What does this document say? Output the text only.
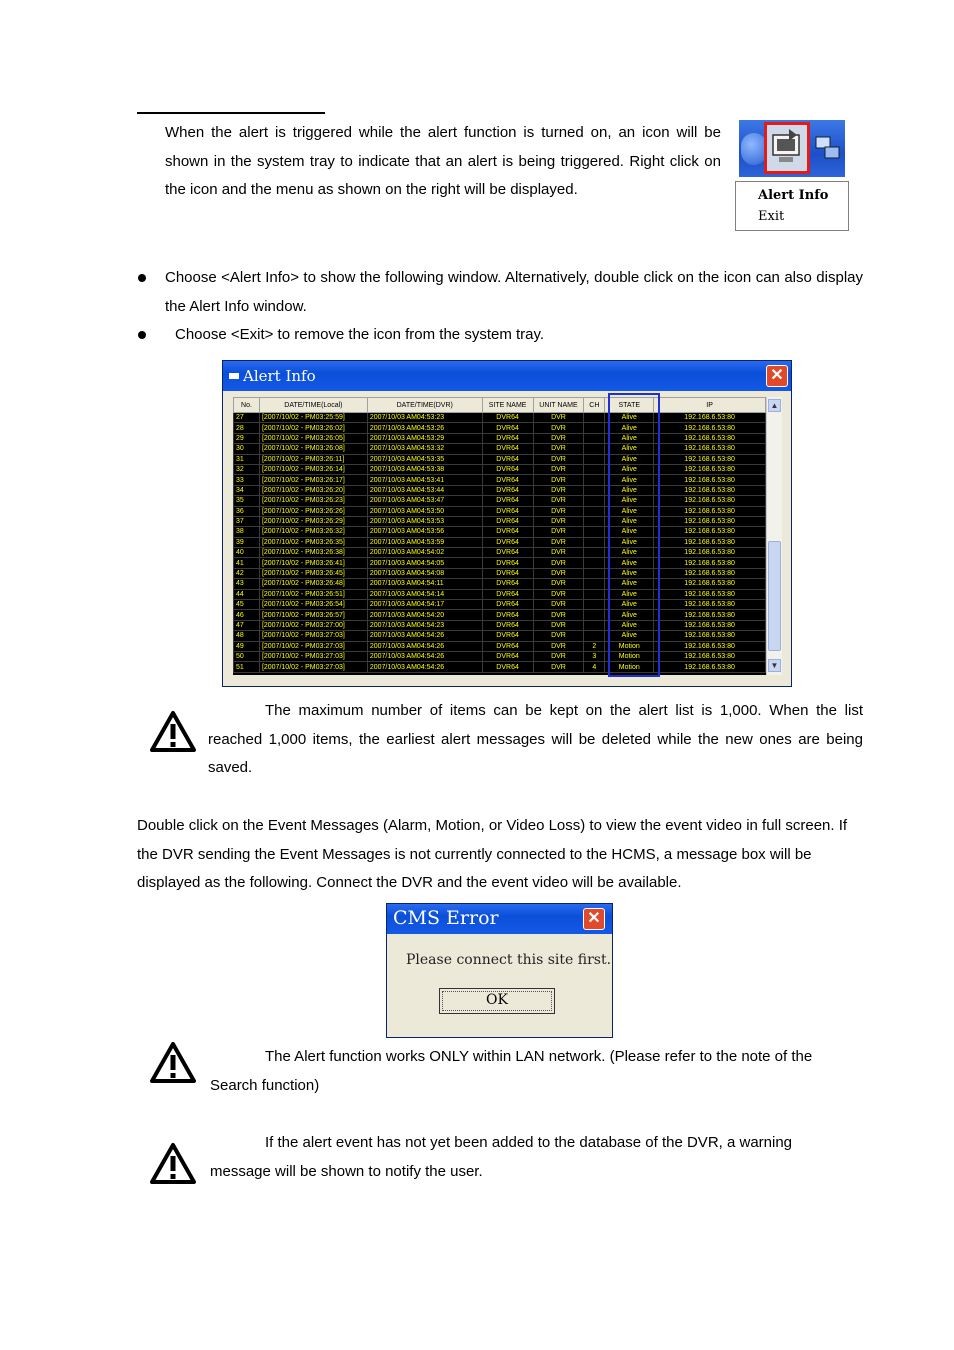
When the alert is triggered while the alert function is turned on, an icon will be shown in the system tray to indicate that an alert is being triggered. Right click on the icon and the menu as shown on the right will be displayed.	Alert Info
Exit
Choose <Alert Info> to show the following window. Alternatively, double click on the icon can also display the Alert Info window.
Choose <Exit> to remove the icon from the system tray.
Alert Info	✕
No.	DATE/TIME(Local)	DATE/TIME(DVR)	SITE NAME	UNIT NAME	CH	STATE	IP
27	[2007/10/02 - PM03:25:59]	2007/10/03 AM04:53:23	DVR64	DVR		Alive	192.168.6.53:80
28	[2007/10/02 - PM03:26:02]	2007/10/03 AM04:53:26	DVR64	DVR		Alive	192.168.6.53:80
29	[2007/10/02 - PM03:26:05]	2007/10/03 AM04:53:29	DVR64	DVR		Alive	192.168.6.53:80
30	[2007/10/02 - PM03:26:08]	2007/10/03 AM04:53:32	DVR64	DVR		Alive	192.168.6.53:80
31	[2007/10/02 - PM03:26:11]	2007/10/03 AM04:53:35	DVR64	DVR		Alive	192.168.6.53:80
32	[2007/10/02 - PM03:26:14]	2007/10/03 AM04:53:38	DVR64	DVR		Alive	192.168.6.53:80
33	[2007/10/02 - PM03:26:17]	2007/10/03 AM04:53:41	DVR64	DVR		Alive	192.168.6.53:80
34	[2007/10/02 - PM03:26:20]	2007/10/03 AM04:53:44	DVR64	DVR		Alive	192.168.6.53:80
35	[2007/10/02 - PM03:26:23]	2007/10/03 AM04:53:47	DVR64	DVR		Alive	192.168.6.53:80
36	[2007/10/02 - PM03:26:26]	2007/10/03 AM04:53:50	DVR64	DVR		Alive	192.168.6.53:80
37	[2007/10/02 - PM03:26:29]	2007/10/03 AM04:53:53	DVR64	DVR		Alive	192.168.6.53:80
38	[2007/10/02 - PM03:26:32]	2007/10/03 AM04:53:56	DVR64	DVR		Alive	192.168.6.53:80
39	[2007/10/02 - PM03:26:35]	2007/10/03 AM04:53:59	DVR64	DVR		Alive	192.168.6.53:80
40	[2007/10/02 - PM03:26:38]	2007/10/03 AM04:54:02	DVR64	DVR		Alive	192.168.6.53:80
41	[2007/10/02 - PM03:26:41]	2007/10/03 AM04:54:05	DVR64	DVR		Alive	192.168.6.53:80
42	[2007/10/02 - PM03:26:45]	2007/10/03 AM04:54:08	DVR64	DVR		Alive	192.168.6.53:80
43	[2007/10/02 - PM03:26:48]	2007/10/03 AM04:54:11	DVR64	DVR		Alive	192.168.6.53:80
44	[2007/10/02 - PM03:26:51]	2007/10/03 AM04:54:14	DVR64	DVR		Alive	192.168.6.53:80
45	[2007/10/02 - PM03:26:54]	2007/10/03 AM04:54:17	DVR64	DVR		Alive	192.168.6.53:80
46	[2007/10/02 - PM03:26:57]	2007/10/03 AM04:54:20	DVR64	DVR		Alive	192.168.6.53:80
47	[2007/10/02 - PM03:27:00]	2007/10/03 AM04:54:23	DVR64	DVR		Alive	192.168.6.53:80
48	[2007/10/02 - PM03:27:03]	2007/10/03 AM04:54:26	DVR64	DVR		Alive	192.168.6.53:80
49	[2007/10/02 - PM03:27:03]	2007/10/03 AM04:54:26	DVR64	DVR	2	Motion	192.168.6.53:80
50	[2007/10/02 - PM03:27:03]	2007/10/03 AM04:54:26	DVR64	DVR	3	Motion	192.168.6.53:80
51	[2007/10/02 - PM03:27:03]	2007/10/03 AM04:54:26	DVR64	DVR	4	Motion	192.168.6.53:80
▲
▼
The maximum number of items can be kept on the alert list is 1,000. When the list reached 1,000 items, the earliest alert messages will be deleted while the new ones are being saved.
Double click on the Event Messages (Alarm, Motion, or Video Loss) to view the event video in full screen. If the DVR sending the Event Messages is not currently connected to the HCMS, a message box will be displayed as the following. Connect the DVR and the event video will be available.
CMS Error	✕
Please connect this site first.
OK
The Alert function works ONLY within LAN network. (Please refer to the note of the Search function)
If the alert event has not yet been added to the database of the DVR, a warning message will be shown to notify the user.
